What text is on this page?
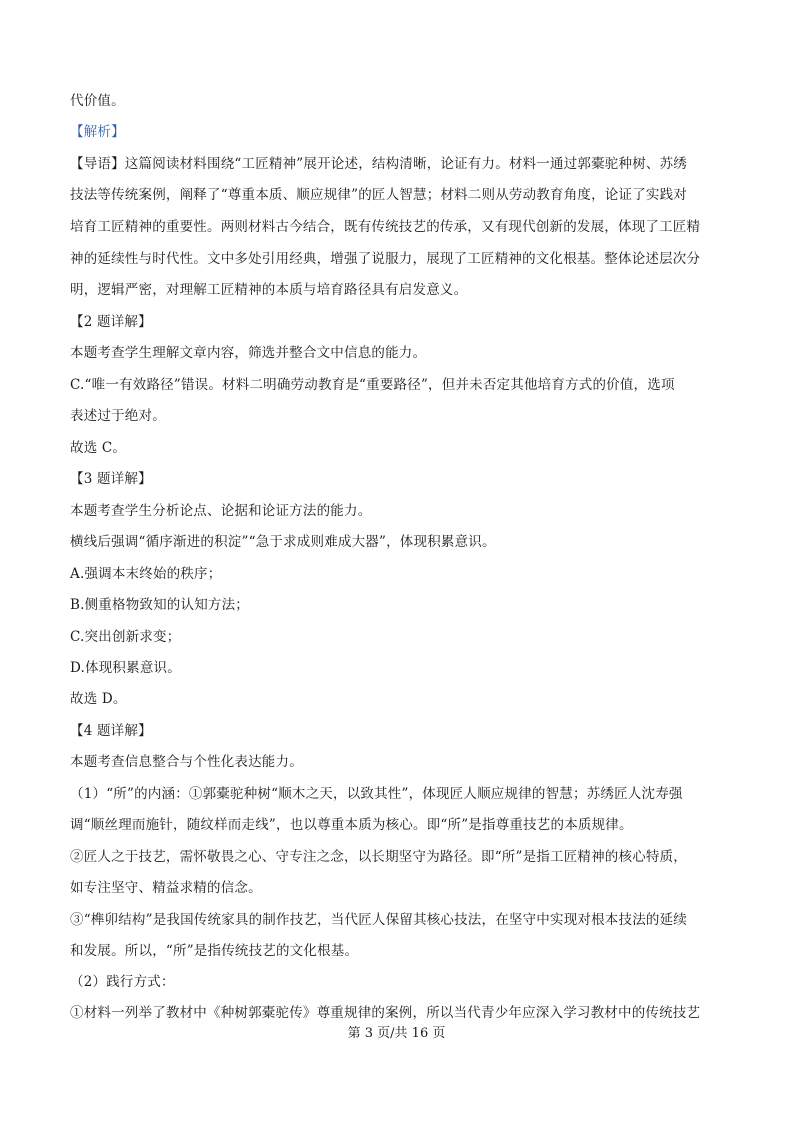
代价值。
【解析】
【导语】这篇阅读材料围绕“工匠精神”展开论述，结构清晰，论证有力。材料一通过郭橐驼种树、苏绣
技法等传统案例，阐释了“尊重本质、顺应规律”的匠人智慧；材料二则从劳动教育角度，论证了实践对
培育工匠精神的重要性。两则材料古今结合，既有传统技艺的传承，又有现代创新的发展，体现了工匠精
神的延续性与时代性。文中多处引用经典，增强了说服力，展现了工匠精神的文化根基。整体论述层次分
明，逻辑严密，对理解工匠精神的本质与培育路径具有启发意义。
【2 题详解】
本题考查学生理解文章内容，筛选并整合文中信息的能力。
C.“唯一有效路径”错误。材料二明确劳动教育是“重要路径”，但并未否定其他培育方式的价值，选项
表述过于绝对。
故选 C。
【3 题详解】
本题考查学生分析论点、论据和论证方法的能力。
横线后强调“循序渐进的积淀”“急于求成则难成大器”，体现积累意识。
A.强调本末终始的秩序；
B.侧重格物致知的认知方法；
C.突出创新求变；
D.体现积累意识。
故选 D。
【4 题详解】
本题考查信息整合与个性化表达能力。
（1）“所”的内涵：①郭橐驼种树“顺木之天，以致其性”，体现匠人顺应规律的智慧；苏绣匠人沈寿强
调“顺丝理而施针，随纹样而走线”，也以尊重本质为核心。即“所”是指尊重技艺的本质规律。
②匠人之于技艺，需怀敬畏之心、守专注之念，以长期坚守为路径。即“所”是指工匠精神的核心特质，
如专注坚守、精益求精的信念。
③“榫卯结构”是我国传统家具的制作技艺，当代匠人保留其核心技法，在坚守中实现对根本技法的延续
和发展。所以，“所”是指传统技艺的文化根基。
（2）践行方式：
①材料一列举了教材中《种树郭橐驼传》尊重规律的案例，所以当代青少年应深入学习教材中的传统技艺
第 3 页/共 16 页
